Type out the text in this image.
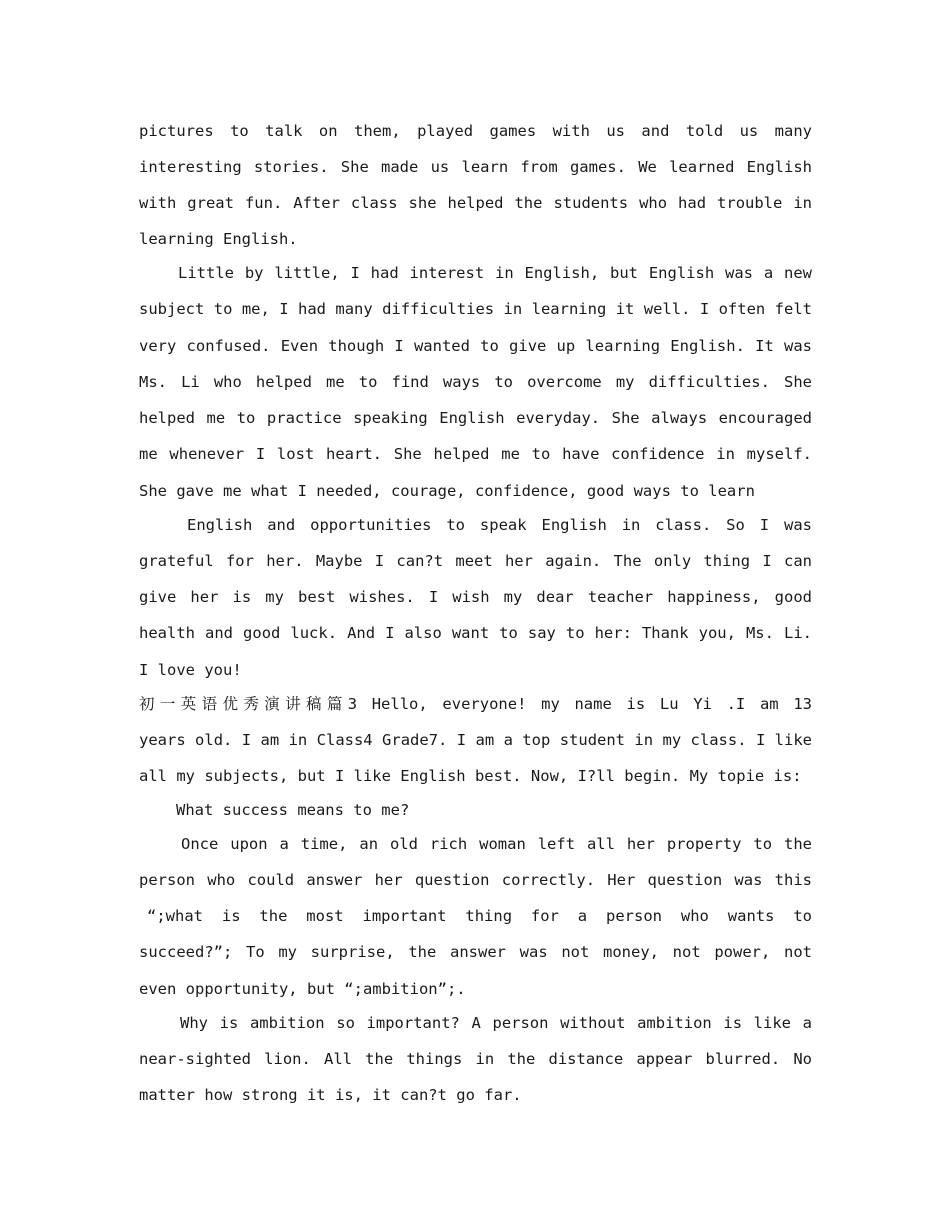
pictures to talk on them, played games with us and told us many
interesting stories. She made us learn from games. We learned English
with great fun. After class she helped the students who had trouble in
learning English.
Little by little, I had interest in English, but English was a new
subject to me, I had many difficulties in learning it well. I often felt
very confused. Even though I wanted to give up learning English. It was
Ms. Li who helped me to find ways to overcome my difficulties. She
helped me to practice speaking English everyday. She always encouraged
me whenever I lost heart. She helped me to have confidence in myself.
She gave me what I needed, courage, confidence, good ways to learn
English and opportunities to speak English in class. So I was
grateful for her. Maybe I can?t meet her again. The only thing I can
give her is my best wishes. I wish my dear teacher happiness, good
health and good luck. And I also want to say to her: Thank you, Ms. Li.
I love you!
初一英语优秀演讲稿篇3 Hello, everyone! my name is Lu Yi .I am 13
years old. I am in Class4 Grade7. I am a top student in my class. I like
all my subjects, but I like English best. Now, I?ll begin. My topie is:
What success means to me?
Once upon a time, an old rich woman left all her property to the
person who could answer her question correctly. Her question was this
“;what is the most important thing for a person who wants to
succeed?”; To my surprise, the answer was not money, not power, not
even opportunity, but “;ambition”;.
Why is ambition so important? A person without ambition is like a
near-sighted lion. All the things in the distance appear blurred. No
matter how strong it is, it can?t go far.
